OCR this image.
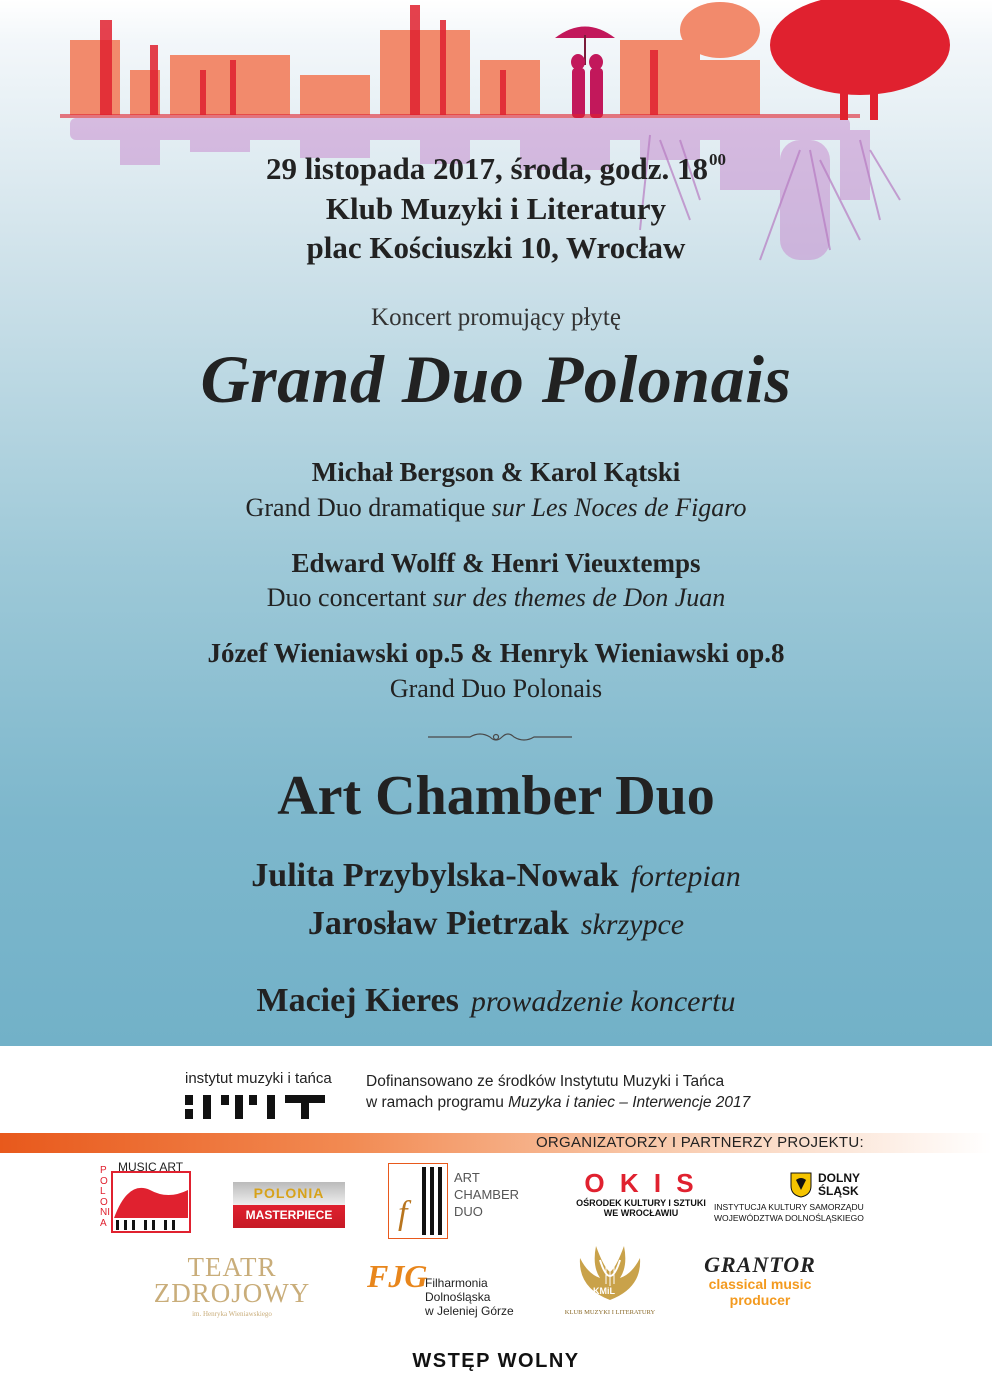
29 listopada 2017, środa, godz. $18^{00}$
Klub Muzyki i Literatury
plac Kościuszki 10, Wrocław
Koncert promujący płytę
Grand Duo Polonais
Michał Bergson & Karol Kątski
Grand Duo dramatique sur Les Noces de Figaro
Edward Wolff & Henri Vieuxtemps
Duo concertant sur des themes de Don Juan
Józef Wieniawski op.5 & Henryk Wieniawski op.8
Grand Duo Polonais
Art Chamber Duo
Julita Przybylska-Nowak fortepian
Jarosław Pietrzak skrzypce
Maciej Kieres prowadzenie koncertu
instytut muzyki i tańca	Dofinansowano ze środków Instytutu Muzyki i Tańca
w ramach programu Muzyka i taniec – Interwencje 2017
ORGANIZATORZY I PARTNERZY PROJEKTU:
MUSIC ART
POLONIA
POLONIA
MASTERPIECE	f
ART
CHAMBER
DUO
O K I S
OŚRODEK KULTURY I SZTUKI
WE WROCŁAWIU
DOLNY
ŚLĄSK
INSTYTUCJA KULTURY SAMORZĄDU
WOJEWÓDZTWA DOLNOŚLĄSKIEGO
TEATR
ZDROJOWY
im. Henryka Wieniawskiego
FJG
Filharmonia
Dolnośląska
w Jeleniej Górze
KMiL
KLUB MUZYKI I LITERATURY
GRANTOR
classical music
producer
WSTĘP WOLNY
